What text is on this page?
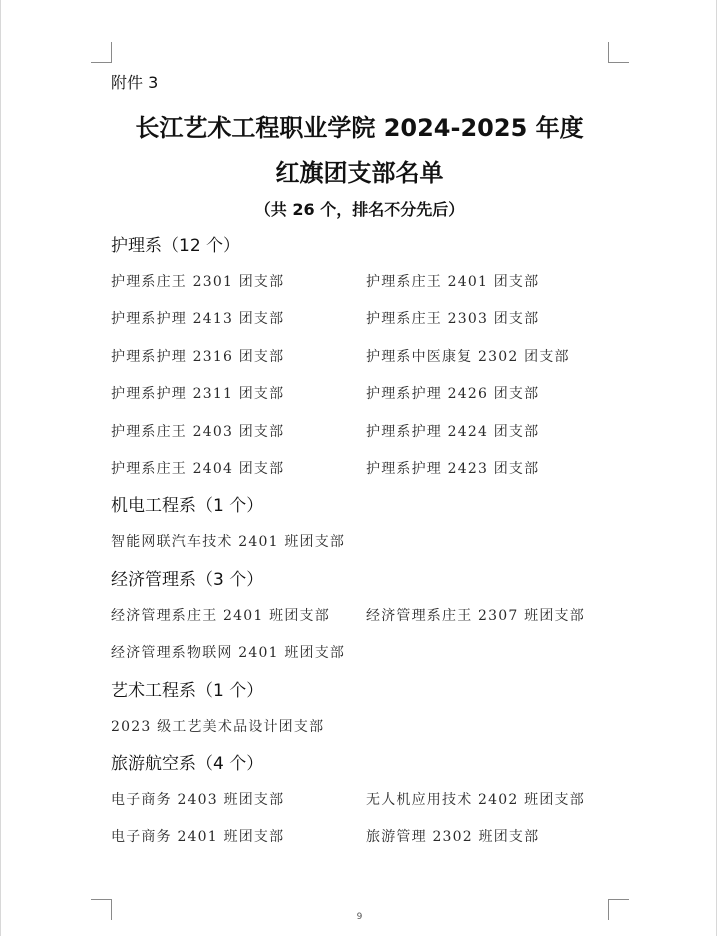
附件 3
长江艺术工程职业学院 2024-2025 年度
红旗团支部名单
（共 26 个，排名不分先后）
护理系（12 个）
护理系庄王 2301 团支部	护理系庄王 2401 团支部
护理系护理 2413 团支部	护理系庄王 2303 团支部
护理系护理 2316 团支部	护理系中医康复 2302 团支部
护理系护理 2311 团支部	护理系护理 2426 团支部
护理系庄王 2403 团支部	护理系护理 2424 团支部
护理系庄王 2404 团支部	护理系护理 2423 团支部
机电工程系（1 个）
智能网联汽车技术 2401 班团支部
经济管理系（3 个）
经济管理系庄王 2401 班团支部	经济管理系庄王 2307 班团支部
经济管理系物联网 2401 班团支部
艺术工程系（1 个）
2023 级工艺美术品设计团支部
旅游航空系（4 个）
电子商务 2403 班团支部	无人机应用技术 2402 班团支部
电子商务 2401 班团支部	旅游管理 2302 班团支部
9
